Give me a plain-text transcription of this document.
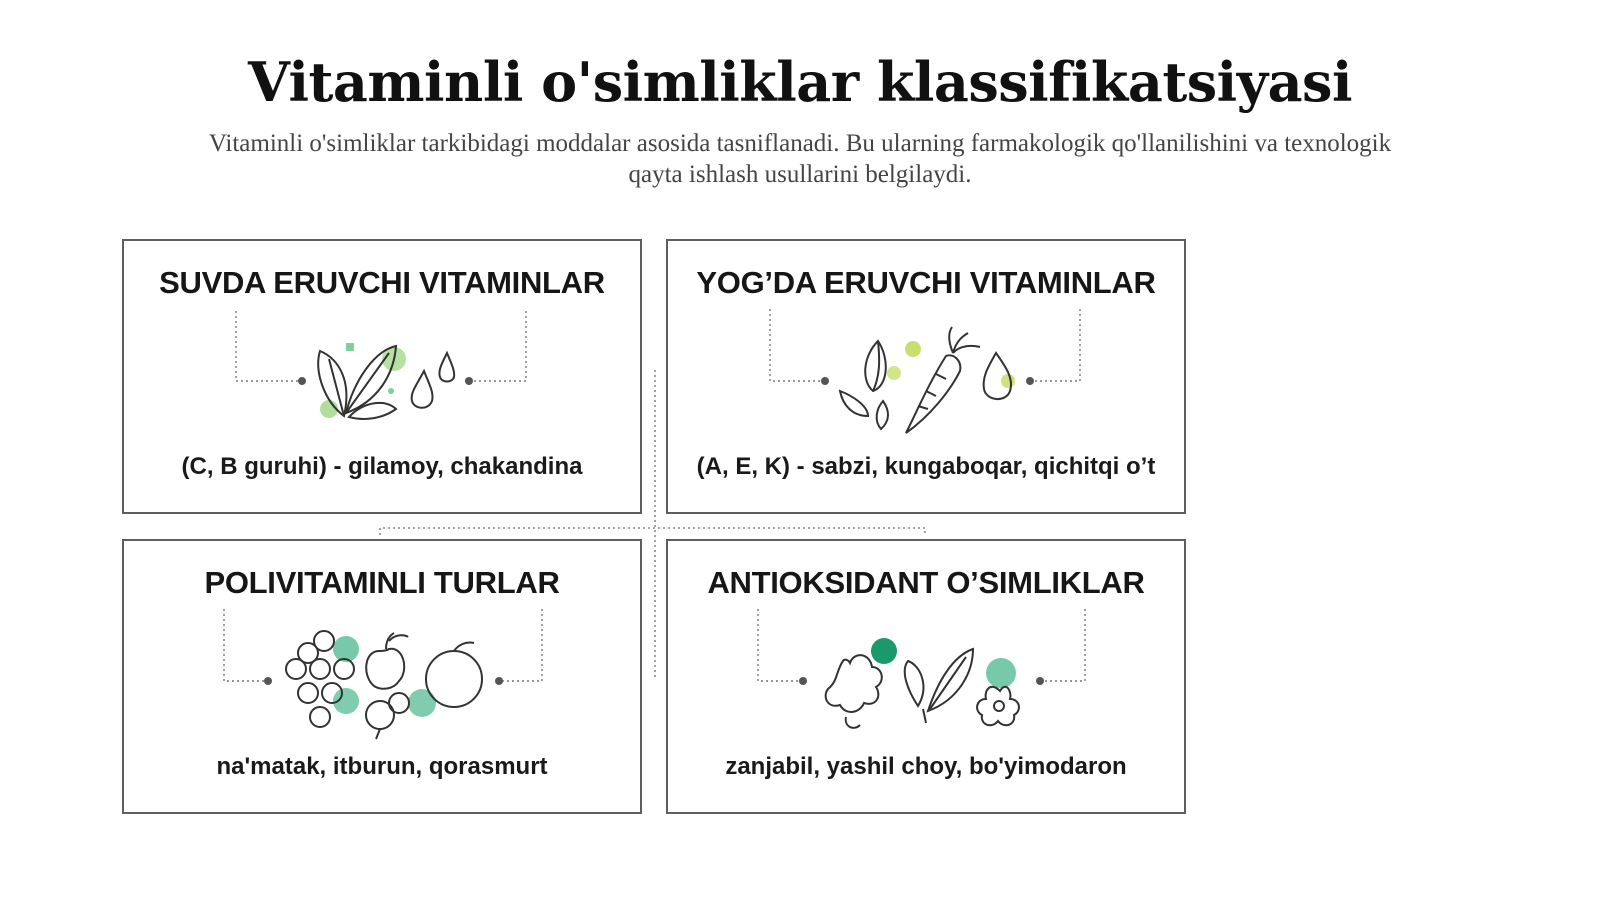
Vitaminli o'simliklar klassifikatsiyasi
Vitaminli o'simliklar tarkibidagi moddalar asosida tasniflanadi. Bu ularning farmakologik qo'llanilishini va texnologik qayta ishlash usullarini belgilaydi.
SUVDA ERUVCHI VITAMINLAR
(C, B guruhi) - gilamoy, chakandina
YOG’DA ERUVCHI VITAMINLAR
(A, E, K) - sabzi, kungaboqar, qichitqi o’t
POLIVITAMINLI TURLAR
na'matak, itburun, qorasmurt
ANTIOKSIDANT O’SIMLIKLAR
zanjabil, yashil choy, bo'yimodaron
